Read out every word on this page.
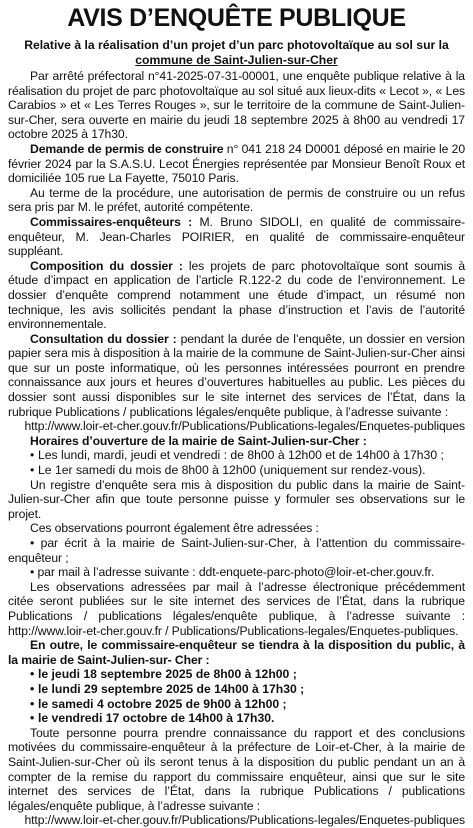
AVIS D’ENQUÊTE PUBLIQUE
Relative à la réalisation d’un projet d’un parc photovoltaïque au sol sur la
commune de Saint-Julien-sur-Cher

Par arrêté préfectoral n°41-2025-07-31-00001, une enquête publique relative à la réalisation du projet de parc photovoltaïque au sol situé aux lieux-dits « Lecot », « Les Carabios » et « Les Terres Rouges », sur le territoire de la commune de Saint-Julien-sur-Cher, sera ouverte en mairie du jeudi 18 septembre 2025 à 8h00 au vendredi 17 octobre 2025 à 17h30.

Demande de permis de construire n° 041 218 24 D0001 déposé en mairie le 20 février 2024 par la S.A.S.U. Lecot Énergies représentée par Monsieur Benoît Roux et domiciliée 105 rue La Fayette, 75010 Paris.

Au terme de la procédure, une autorisation de permis de construire ou un refus sera pris par M. le préfet, autorité compétente.

Commissaires-enquêteurs : M. Bruno SIDOLI, en qualité de commissaire-enquêteur, M. Jean-Charles POIRIER, en qualité de commissaire-enquêteur suppléant.

Composition du dossier : les projets de parc photovoltaïque sont soumis à étude d’impact en application de l’article R.122-2 du code de l’environnement. Le dossier d’enquête comprend notamment une étude d’impact, un résumé non technique, les avis sollicités pendant la phase d’instruction et l’avis de l’autorité environnementale.

Consultation du dossier : pendant la durée de l’enquête, un dossier en version papier sera mis à disposition à la mairie de la commune de Saint-Julien-sur-Cher ainsi que sur un poste informatique, où les personnes intéressées pourront en prendre connaissance aux jours et heures d’ouvertures habituelles au public. Les pièces du dossier sont aussi disponibles sur le site internet des services de l’État, dans la rubrique Publications / publications légales/enquête publique, à l’adresse suivante :

http://www.loir-et-cher.gouv.fr/Publications/Publications-legales/Enquetes-publiques

Horaires d’ouverture de la mairie de Saint-Julien-sur-Cher :

• Les lundi, mardi, jeudi et vendredi : de 8h00 à 12h00 et de 14h00 à 17h30 ;
• Le 1er samedi du mois de 8h00 à 12h00 (uniquement sur rendez-vous).

Un registre d’enquête sera mis à disposition du public dans la mairie de Saint-Julien-sur-Cher afin que toute personne puisse y formuler ses observations sur le projet.

Ces observations pourront également être adressées :

• par écrit à la mairie de Saint-Julien-sur-Cher, à l’attention du commissaire-enquêteur ;

• par mail à l’adresse suivante : ddt-enquete-parc-photo@loir-et-cher.gouv.fr.

Les observations adressées par mail à l’adresse électronique précédemment citée seront publiées sur le site internet des services de l’État, dans la rubrique Publications / publications légales/enquête publique, à l’adresse suivante : http://www.loir-et-cher.gouv.fr / Publications/Publications-legales/Enquetes-publiques.

En outre, le commissaire-enquêteur se tiendra à la disposition du public, à la mairie de Saint-Julien-sur- Cher :

• le jeudi 18 septembre 2025 de 8h00 à 12h00 ;
• le lundi 29 septembre 2025 de 14h00 à 17h30 ;
• le samedi 4 octobre 2025 de 9h00 à 12h00 ;
• le vendredi 17 octobre de 14h00 à 17h30.

Toute personne pourra prendre connaissance du rapport et des conclusions motivées du commissaire-enquêteur à la préfecture de Loir-et-Cher, à la mairie de Saint-Julien-sur-Cher où ils seront tenus à la disposition du public pendant un an à compter de la remise du rapport du commissaire enquêteur, ainsi que sur le site internet des services de l’État, dans la rubrique Publications / publications légales/enquête publique, à l’adresse suivante :

http://www.loir-et-cher.gouv.fr/Publications/Publications-legales/Enquetes-publiques
